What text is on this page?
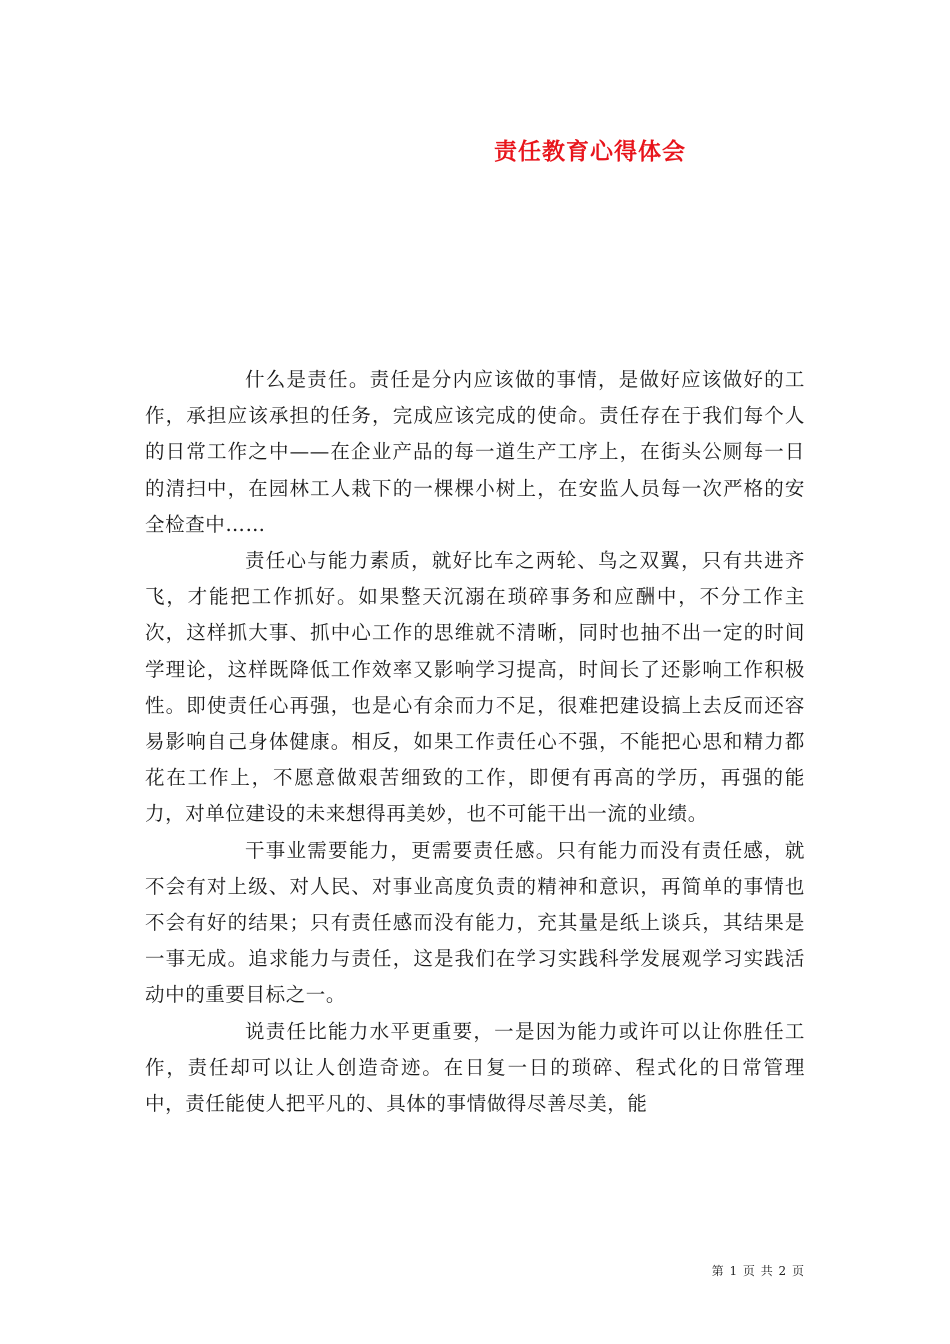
责任教育心得体会

什么是责任。责任是分内应该做的事情，是做好应该做好的工作，承担应该承担的任务，完成应该完成的使命。责任存在于我们每个人的日常工作之中——在企业产品的每一道生产工序上，在街头公厕每一日的清扫中，在园林工人栽下的一棵棵小树上，在安监人员每一次严格的安全检查中……

责任心与能力素质，就好比车之两轮、鸟之双翼，只有共进齐飞，才能把工作抓好。如果整天沉溺在琐碎事务和应酬中，不分工作主次，这样抓大事、抓中心工作的思维就不清晰，同时也抽不出一定的时间学理论，这样既降低工作效率又影响学习提高，时间长了还影响工作积极性。即使责任心再强，也是心有余而力不足，很难把建设搞上去反而还容易影响自己身体健康。相反，如果工作责任心不强，不能把心思和精力都花在工作上，不愿意做艰苦细致的工作，即便有再高的学历，再强的能力，对单位建设的未来想得再美妙，也不可能干出一流的业绩。

干事业需要能力，更需要责任感。只有能力而没有责任感，就不会有对上级、对人民、对事业高度负责的精神和意识，再简单的事情也不会有好的结果；只有责任感而没有能力，充其量是纸上谈兵，其结果是一事无成。追求能力与责任，这是我们在学习实践科学发展观学习实践活动中的重要目标之一。

说责任比能力水平更重要，一是因为能力或许可以让你胜任工作，责任却可以让人创造奇迹。在日复一日的琐碎、程式化的日常管理中，责任能使人把平凡的、具体的事情做得尽善尽美，能

第 1 页 共 2 页
